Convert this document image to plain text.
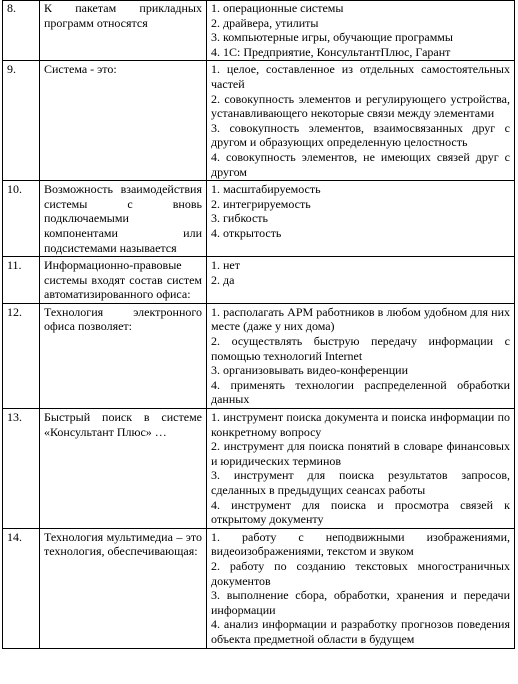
8.	К пакетам прикладных программ относятся	1. операционные системы
2. драйвера, утилиты
3. компьютерные игры, обучающие программы
4. 1С: Предприятие, КонсультантПлюс, Гарант

9.	Система - это:	1. целое, составленное из отдельных самостоятельных частей
2. совокупность элементов и регулирующего устройства, устанавливающего некоторые связи между элементами
3. совокупность элементов, взаимосвязанных друг с другом и образующих определенную целостность
4. совокупность элементов, не имеющих связей друг с другом

10.	Возможность взаимодействия системы с вновь подключаемыми компонентами или подсистемами называется	1. масштабируемость
2. интегрируемость
3. гибкость
4. открытость

11.	Информационно-правовые системы входят состав систем автоматизированного офиса:	1. нет
2. да

12.	Технология электронного офиса позволяет:	1. располагать АРМ работников в любом удобном для них месте (даже у них дома)
2. осуществлять быструю передачу информации с помощью технологий Internet
3. организовывать видео-конференции
4. применять технологии распределенной обработки данных

13.	Быстрый поиск в системе «Консультант Плюс» …	1. инструмент поиска документа и поиска информации по конкретному вопросу
2. инструмент для поиска понятий в словаре финансовых и юридических терминов
3. инструмент для поиска результатов запросов, сделанных в предыдущих сеансах работы
4. инструмент для поиска и просмотра связей к открытому документу

14.	Технология мультимедиа – это технология, обеспечивающая:	1. работу с неподвижными изображениями, видеоизображениями, текстом и звуком
2. работу по созданию текстовых многостраничных документов
3. выполнение сбора, обработки, хранения и передачи информации
4. анализ информации и разработку прогнозов поведения объекта предметной области в будущем
